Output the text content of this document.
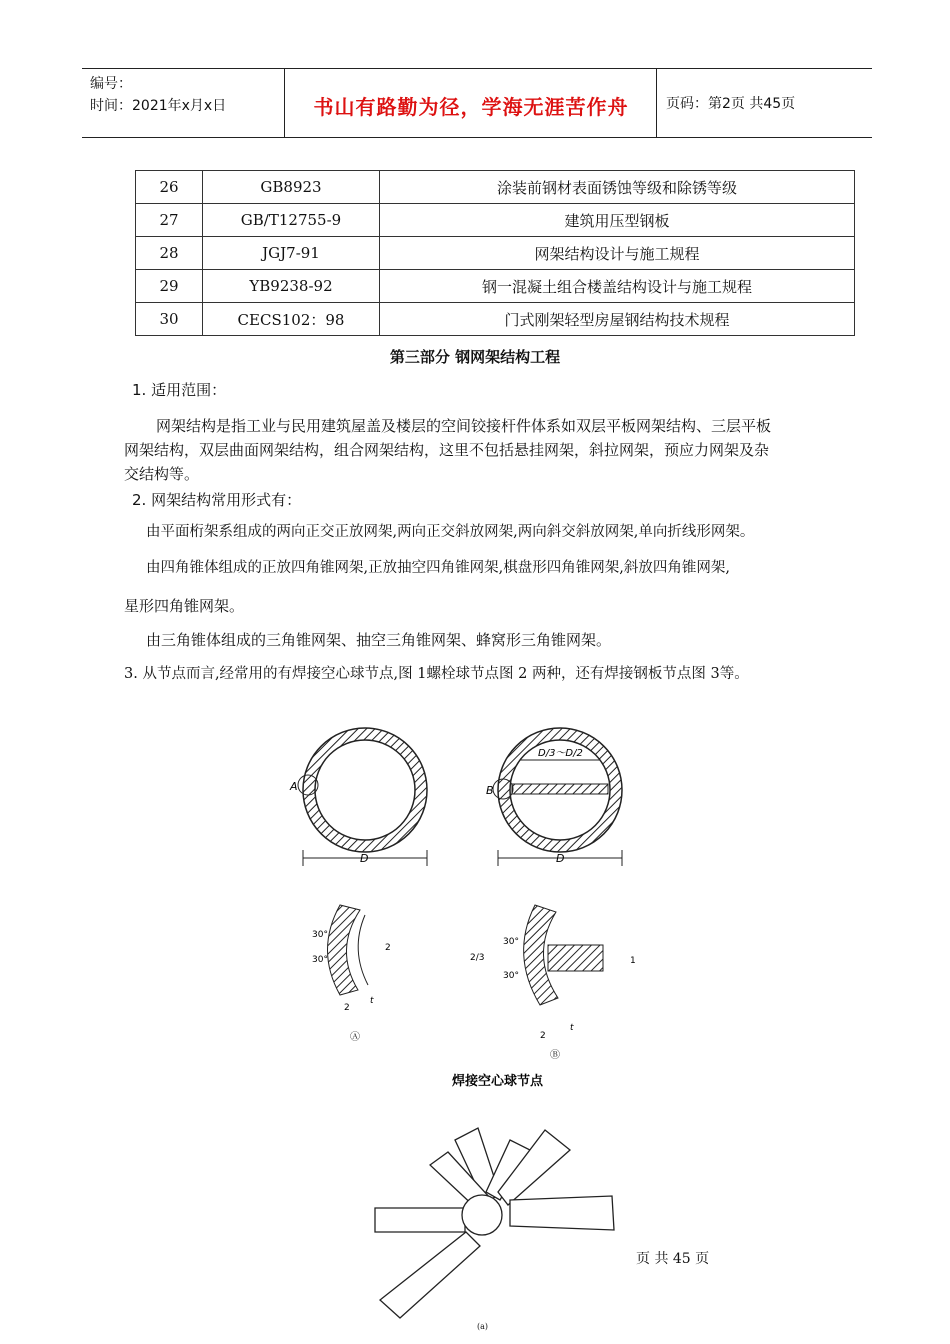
编号：
时间：2021年x月x日	书山有路勤为径，学海无涯苦作舟	页码：第2页 共45页
26	GB8923	涂装前钢材表面锈蚀等级和除锈等级
27	GB/T12755-9	建筑用压型钢板
28	JGJ7-91	网架结构设计与施工规程
29	YB9238-92	钢一混凝土组合楼盖结构设计与施工规程
30	CECS102：98	门式刚架轻型房屋钢结构技术规程
第三部分 钢网架结构工程
1. 适用范围：
网架结构是指工业与民用建筑屋盖及楼层的空间铰接杆件体系如双层平板网架结构、三层平板
网架结构，双层曲面网架结构，组合网架结构，这里不包括悬挂网架，斜拉网架，预应力网架及杂
交结构等。
2. 网架结构常用形式有：
由平面桁架系组成的两向正交正放网架,两向正交斜放网架,两向斜交斜放网架,单向折线形网架。
由四角锥体组成的正放四角锥网架,正放抽空四角锥网架,棋盘形四角锥网架,斜放四角锥网架,
星形四角锥网架。
由三角锥体组成的三角锥网架、抽空三角锥网架、蜂窝形三角锥网架。
3. 从节点而言,经常用的有焊接空心球节点,图 1螺栓球节点图 2 两种，还有焊接钢板节点图 3等。
A
D
B
D/3～D/2
D
30°
30°
2
2
t
Ⓐ
2/3
30°
30°
1
2
t
Ⓑ
焊接空心球节点
页 共 45 页
(a)
